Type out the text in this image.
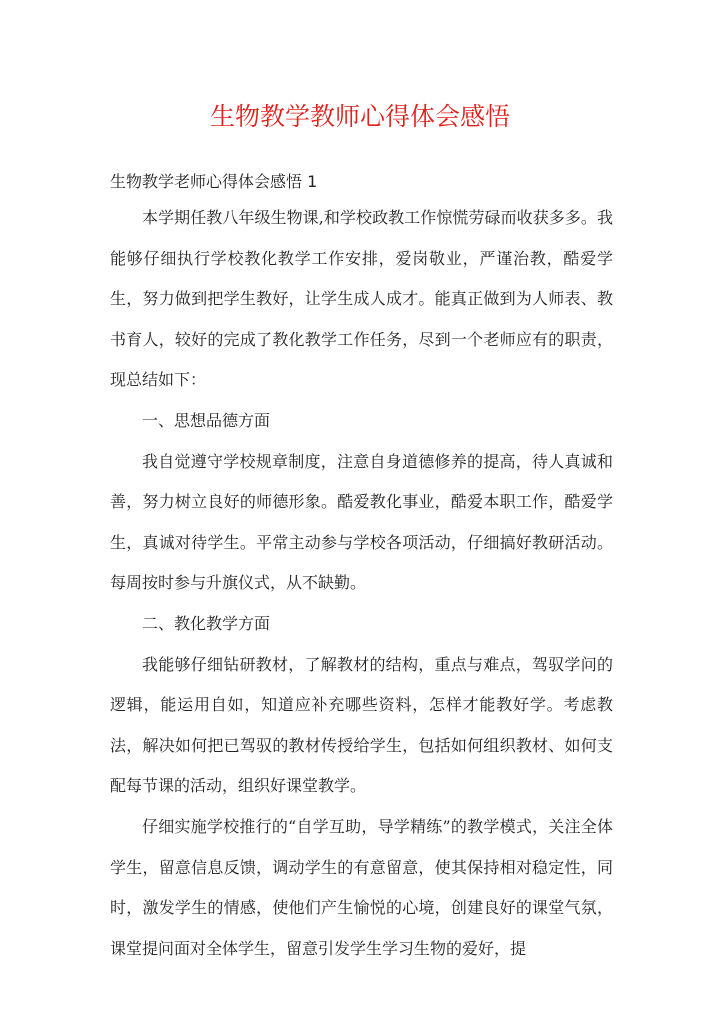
生物教学教师心得体会感悟
生物教学老师心得体会感悟 1

本学期任教八年级生物课,和学校政教工作惊慌劳碌而收获多多。我能够仔细执行学校教化教学工作安排，爱岗敬业，严谨治教，酷爱学生，努力做到把学生教好，让学生成人成才。能真正做到为人师表、教书育人，较好的完成了教化教学工作任务，尽到一个老师应有的职责，现总结如下：

一、思想品德方面

我自觉遵守学校规章制度，注意自身道德修养的提高，待人真诚和善，努力树立良好的师德形象。酷爱教化事业，酷爱本职工作，酷爱学生，真诚对待学生。平常主动参与学校各项活动，仔细搞好教研活动。每周按时参与升旗仪式，从不缺勤。

二、教化教学方面

我能够仔细钻研教材，了解教材的结构，重点与难点，驾驭学问的逻辑，能运用自如，知道应补充哪些资料，怎样才能教好学。考虑教法，解决如何把已驾驭的教材传授给学生，包括如何组织教材、如何支配每节课的活动，组织好课堂教学。

仔细实施学校推行的“自学互助，导学精练”的教学模式，关注全体学生，留意信息反馈，调动学生的有意留意，使其保持相对稳定性，同时，激发学生的情感，使他们产生愉悦的心境，创建良好的课堂气氛，课堂提问面对全体学生，留意引发学生学习生物的爱好，提
